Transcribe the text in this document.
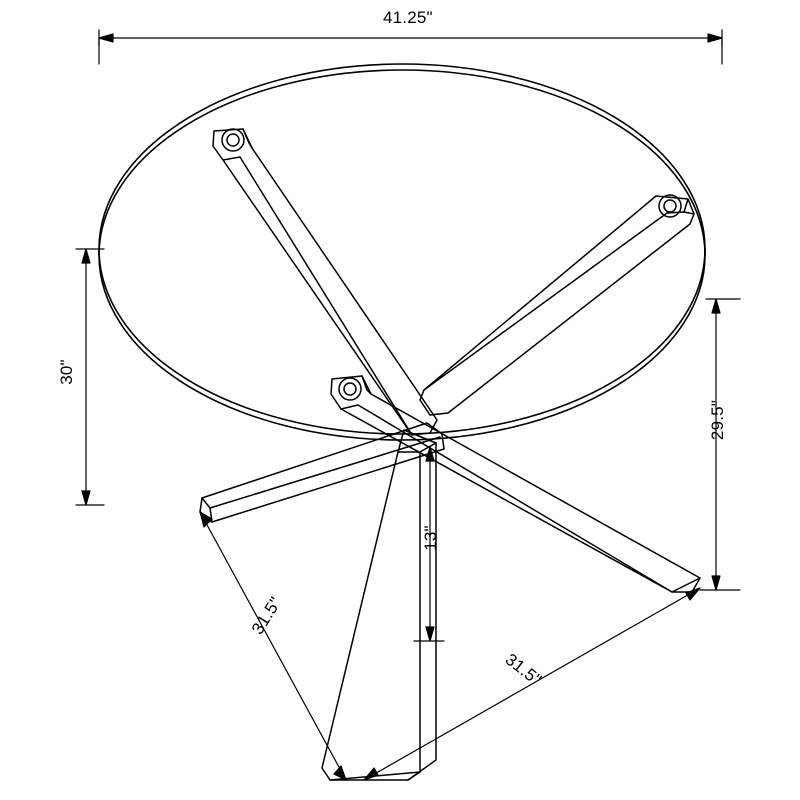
41.25"
30"
29.5"
13"
31.5"
31.5"
